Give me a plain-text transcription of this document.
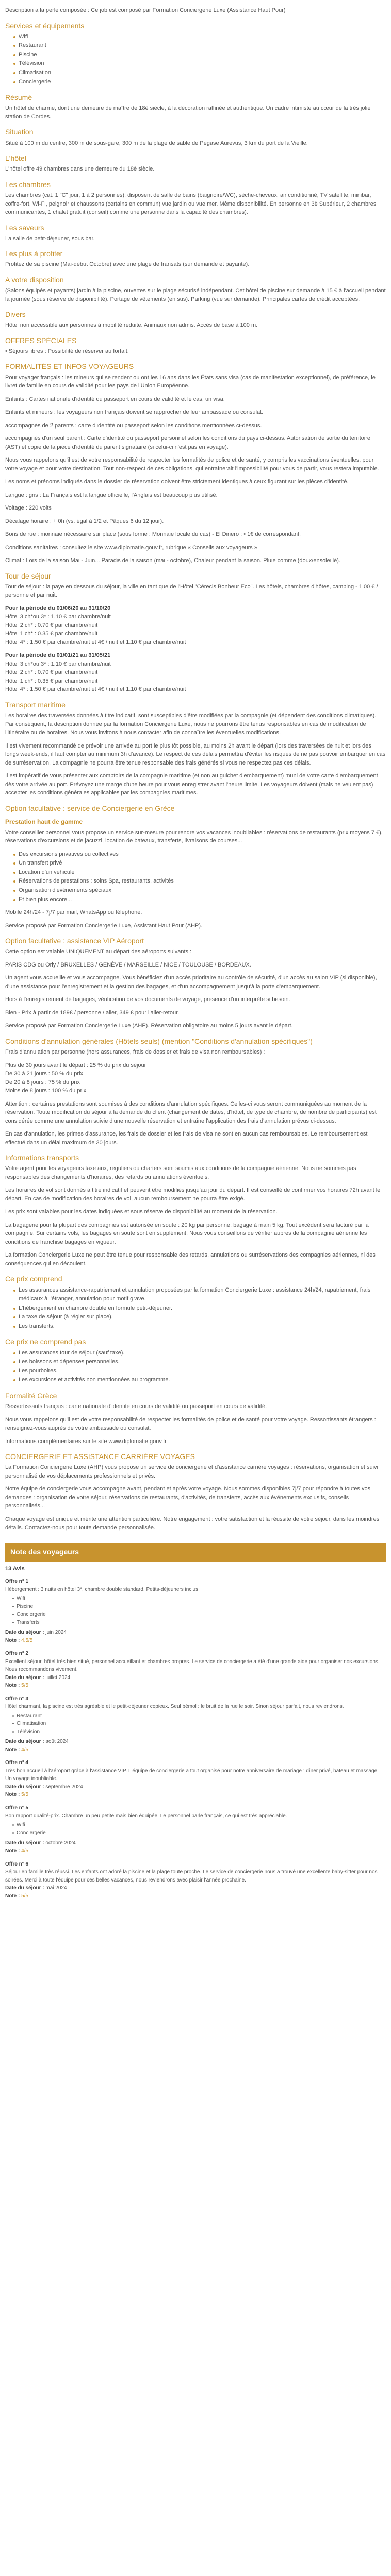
Description à la perle composée : Ce job est composé par Formation Conciergerie Luxe (Assistance Haut Pour)

Services et équipements
Wifi
Restaurant
Piscine
Télévision
Climatisation
Conciergerie
Résumé

Un hôtel de charme, dont une demeure de maître de 18è siècle, à la décoration raffinée et authentique. Un cadre intimiste au cœur de la très jolie station de Cordes.

Situation

Situé à 100 m du centre, 300 m de sous-gare, 300 m de la plage de sable de Pégase Aurevus, 3 km du port de la Vieille.

L'hôtel

L'hôtel offre 49 chambres dans une demeure du 18è siècle.

Les chambres

Les chambres (cat. 1 "C" jour, 1 à 2 personnes), disposent de salle de bains (baignoire/WC), sèche-cheveux, air conditionné, TV satellite, minibar, coffre-fort, Wi-Fi, peignoir et chaussons (certains en commun) vue jardin ou vue mer. Même disponibilité. En personne en 3è Supérieur, 2 chambres communicantes, 1 chalet gratuit (conseil) comme une personne dans la capacité des chambres).

Les saveurs

La salle de petit-déjeuner, sous bar.

Les plus à profiter

Profitez de sa piscine (Mai-début Octobre) avec une plage de transats (sur demande et payante).

A votre disposition

(Salons équipés et payants) jardin à la piscine, ouvertes sur le plage sécurisé indépendant. Cet hôtel de piscine sur demande à 15 € à l'accueil pendant la journée (sous réserve de disponibilité). Portage de vêtements (en sus). Parking (vue sur demande). Principales cartes de crédit acceptées.

Divers

Hôtel non accessible aux personnes à mobilité réduite. Animaux non admis. Accès de base à 100 m.

OFFRES SPÉCIALES

• Séjours libres : Possibilité de réserver au forfait.

FORMALITÉS ET INFOS VOYAGEURS

Pour voyager français : les mineurs qui se rendent ou ont les 16 ans dans les États sans visa (cas de manifestation exceptionnel), de préférence, le livret de famille en cours de validité pour les pays de l'Union Européenne.

Enfants : Cartes nationale d'identité ou passeport en cours de validité et le cas, un visa.

Enfants et mineurs : les voyageurs non français doivent se rapprocher de leur ambassade ou consulat.

accompagnés de 2 parents : carte d'identité ou passeport selon les conditions mentionnées ci-dessus.

accompagnés d'un seul parent : Carte d'identité ou passeport personnel selon les conditions du pays ci-dessus. Autorisation de sortie du territoire (AST) et copie de la pièce d'identité du parent signataire (si celui-ci n'est pas en voyage).

Nous vous rappelons qu'il est de votre responsabilité de respecter les formalités de police et de santé, y compris les vaccinations éventuelles, pour votre voyage et pour votre destination. Tout non-respect de ces obligations, qui entraînerait l'impossibilité pour vous de partir, vous restera imputable.

Les noms et prénoms indiqués dans le dossier de réservation doivent être strictement identiques à ceux figurant sur les pièces d'identité.

Langue : gris : La Français est la langue officielle, l'Anglais est beaucoup plus utilisé.

Voltage : 220 volts

Décalage horaire : + 0h (vs. égal à 1/2 et Pâques 6 du 12 jour).

Bons de rue : monnaie nécessaire sur place (sous forme : Monnaie locale du cas) - El Dinero ; • 1€ de correspondant.

Conditions sanitaires : consultez le site www.diplomatie.gouv.fr, rubrique « Conseils aux voyageurs »

Climat : Lors de la saison Mai - Juin... Paradis de la saison (mai - octobre), Chaleur pendant la saison. Pluie comme (doux/ensoleillé).

Tour de séjour

Tour de séjour : la paye en dessous du séjour, la ville en tant que de l'Hôtel "Cérecis Bonheur Eco". Les hôtels, chambres d'hôtes, camping - 1.00 € / personne et par nuit.

Pour la période du 01/06/20 au 31/10/20
Hôtel 3 ch*ou 3* : 1.10 € par chambre/nuit
Hôtel 2 ch* : 0.70 € par chambre/nuit
Hôtel 1 ch* : 0.35 € par chambre/nuit
Hôtel 4* : 1.50 € par chambre/nuit et 4€ / nuit et 1.10 € par chambre/nuit

Pour la période du 01/01/21 au 31/05/21
Hôtel 3 ch*ou 3* : 1.10 € par chambre/nuit
Hôtel 2 ch* : 0.70 € par chambre/nuit
Hôtel 1 ch* : 0.35 € par chambre/nuit
Hôtel 4* : 1.50 € par chambre/nuit et 4€ / nuit et 1.10 € par chambre/nuit

Transport maritime

Les horaires des traversées données à titre indicatif, sont susceptibles d'être modifiées par la compagnie (et dépendent des conditions climatiques). Par conséquent, la description donnée par la formation Conciergerie Luxe, nous ne pourrons être tenus responsables en cas de modification de l'itinéraire ou de horaires. Nous vous invitons à nous contacter afin de connaître les éventuelles modifications.

Il est vivement recommandé de prévoir une arrivée au port le plus tôt possible, au moins 2h avant le départ (lors des traversées de nuit et lors des longs week-ends, il faut compter au minimum 3h d'avance). Le respect de ces délais permettra d'éviter les risques de ne pas pouvoir embarquer en cas de surréservation. La compagnie ne pourra être tenue responsable des frais générés si vous ne respectez pas ces délais.

Il est impératif de vous présenter aux comptoirs de la compagnie maritime (et non au guichet d'embarquement) muni de votre carte d'embarquement dès votre arrivée au port. Prévoyez une marge d'une heure pour vous enregistrer avant l'heure limite. Les voyageurs doivent (mais ne veulent pas) accepter les conditions générales applicables par les compagnies maritimes.

Option facultative : service de Conciergerie en Grèce
Prestation haut de gamme

Votre conseiller personnel vous propose un service sur-mesure pour rendre vos vacances inoubliables : réservations de restaurants (prix moyens 7 €), réservations d'excursions et de jacuzzi, location de bateaux, transferts, livraisons de courses...

Des excursions privatives ou collectives
Un transfert privé
Location d'un véhicule
Réservations de prestations : soins Spa, restaurants, activités
Organisation d'événements spéciaux
Et bien plus encore...

Mobile 24h/24 - 7j/7 par mail, WhatsApp ou téléphone.

Service proposé par Formation Conciergerie Luxe, Assistant Haut Pour (AHP).

Option facultative : assistance VIP Aéroport

Cette option est valable UNIQUEMENT au départ des aéroports suivants :

PARIS CDG ou Orly / BRUXELLES / GENÈVE / MARSEILLE / NICE / TOULOUSE / BORDEAUX.

Un agent vous accueille et vous accompagne. Vous bénéficiez d'un accès prioritaire au contrôle de sécurité, d'un accès au salon VIP (si disponible), d'une assistance pour l'enregistrement et la gestion des bagages, et d'un accompagnement jusqu'à la porte d'embarquement.

Hors à l'enregistrement de bagages, vérification de vos documents de voyage, présence d'un interprète si besoin.

Bien - Prix à partir de 189€ / personne / aller, 349 € pour l'aller-retour.

Service proposé par Formation Conciergerie Luxe (AHP). Réservation obligatoire au moins 5 jours avant le départ.

Conditions d'annulation générales (Hôtels seuls) (mention "Conditions d'annulation spécifiques")

Frais d'annulation par personne (hors assurances, frais de dossier et frais de visa non remboursables) :

Plus de 30 jours avant le départ : 25 % du prix du séjour
De 30 à 21 jours : 50 % du prix
De 20 à 8 jours : 75 % du prix
Moins de 8 jours : 100 % du prix

Attention : certaines prestations sont soumises à des conditions d'annulation spécifiques. Celles-ci vous seront communiquées au moment de la réservation. Toute modification du séjour à la demande du client (changement de dates, d'hôtel, de type de chambre, de nombre de participants) est considérée comme une annulation suivie d'une nouvelle réservation et entraîne l'application des frais d'annulation prévus ci-dessus.

En cas d'annulation, les primes d'assurance, les frais de dossier et les frais de visa ne sont en aucun cas remboursables. Le remboursement est effectué dans un délai maximum de 30 jours.

Informations transports

Votre agent pour les voyageurs taxe aux, réguliers ou charters sont soumis aux conditions de la compagnie aérienne. Nous ne sommes pas responsables des changements d'horaires, des retards ou annulations éventuels.

Les horaires de vol sont donnés à titre indicatif et peuvent être modifiés jusqu'au jour du départ. Il est conseillé de confirmer vos horaires 72h avant le départ. En cas de modification des horaires de vol, aucun remboursement ne pourra être exigé.

Les prix sont valables pour les dates indiquées et sous réserve de disponibilité au moment de la réservation.

La bagagerie pour la plupart des compagnies est autorisée en soute : 20 kg par personne, bagage à main 5 kg. Tout excédent sera facturé par la compagnie. Sur certains vols, les bagages en soute sont en supplément. Nous vous conseillons de vérifier auprès de la compagnie aérienne les conditions de franchise bagages en vigueur.

La formation Conciergerie Luxe ne peut être tenue pour responsable des retards, annulations ou surréservations des compagnies aériennes, ni des conséquences qui en découlent.

Ce prix comprend
Les assurances assistance-rapatriement et annulation proposées par la formation Conciergerie Luxe : assistance 24h/24, rapatriement, frais médicaux à l'étranger, annulation pour motif grave.
L'hébergement en chambre double en formule petit-déjeuner.
La taxe de séjour (à régler sur place).
Les transferts.
Ce prix ne comprend pas
Les assurances tour de séjour (sauf taxe).
Les boissons et dépenses personnelles.
Les pourboires.
Les excursions et activités non mentionnées au programme.
Formalité Grèce

Ressortissants français : carte nationale d'identité en cours de validité ou passeport en cours de validité.

Nous vous rappelons qu'il est de votre responsabilité de respecter les formalités de police et de santé pour votre voyage. Ressortissants étrangers : renseignez-vous auprès de votre ambassade ou consulat.

Informations complémentaires sur le site www.diplomatie.gouv.fr

CONCIERGERIE ET ASSISTANCE CARRIÈRE VOYAGES

La Formation Conciergerie Luxe (AHP) vous propose un service de conciergerie et d'assistance carrière voyages : réservations, organisation et suivi personnalisé de vos déplacements professionnels et privés.

Notre équipe de conciergerie vous accompagne avant, pendant et après votre voyage. Nous sommes disponibles 7j/7 pour répondre à toutes vos demandes : organisation de votre séjour, réservations de restaurants, d'activités, de transferts, accès aux événements exclusifs, conseils personnalisés...

Chaque voyage est unique et mérite une attention particulière. Notre engagement : votre satisfaction et la réussite de votre séjour, dans les moindres détails. Contactez-nous pour toute demande personnalisée.

Note des voyageurs

13 Avis

Offre n° 1
Hébergement : 3 nuits en hôtel 3*, chambre double standard. Petits-déjeuners inclus.
Wifi
Piscine
Conciergerie
Transferts
Date du séjour : juin 2024
Note : 4.5/5
Offre n° 2
Excellent séjour, hôtel très bien situé, personnel accueillant et chambres propres. Le service de conciergerie a été d'une grande aide pour organiser nos excursions. Nous recommandons vivement.
Date du séjour : juillet 2024
Note : 5/5
Offre n° 3
Hôtel charmant, la piscine est très agréable et le petit-déjeuner copieux. Seul bémol : le bruit de la rue le soir. Sinon séjour parfait, nous reviendrons.
Restaurant
Climatisation
Télévision
Date du séjour : août 2024
Note : 4/5
Offre n° 4
Très bon accueil à l'aéroport grâce à l'assistance VIP. L'équipe de conciergerie a tout organisé pour notre anniversaire de mariage : dîner privé, bateau et massage. Un voyage inoubliable.
Date du séjour : septembre 2024
Note : 5/5
Offre n° 5
Bon rapport qualité-prix. Chambre un peu petite mais bien équipée. Le personnel parle français, ce qui est très appréciable.
Wifi
Conciergerie
Date du séjour : octobre 2024
Note : 4/5
Offre n° 6
Séjour en famille très réussi. Les enfants ont adoré la piscine et la plage toute proche. Le service de conciergerie nous a trouvé une excellente baby-sitter pour nos soirées. Merci à toute l'équipe pour ces belles vacances, nous reviendrons avec plaisir l'année prochaine.
Date du séjour : mai 2024
Note : 5/5
